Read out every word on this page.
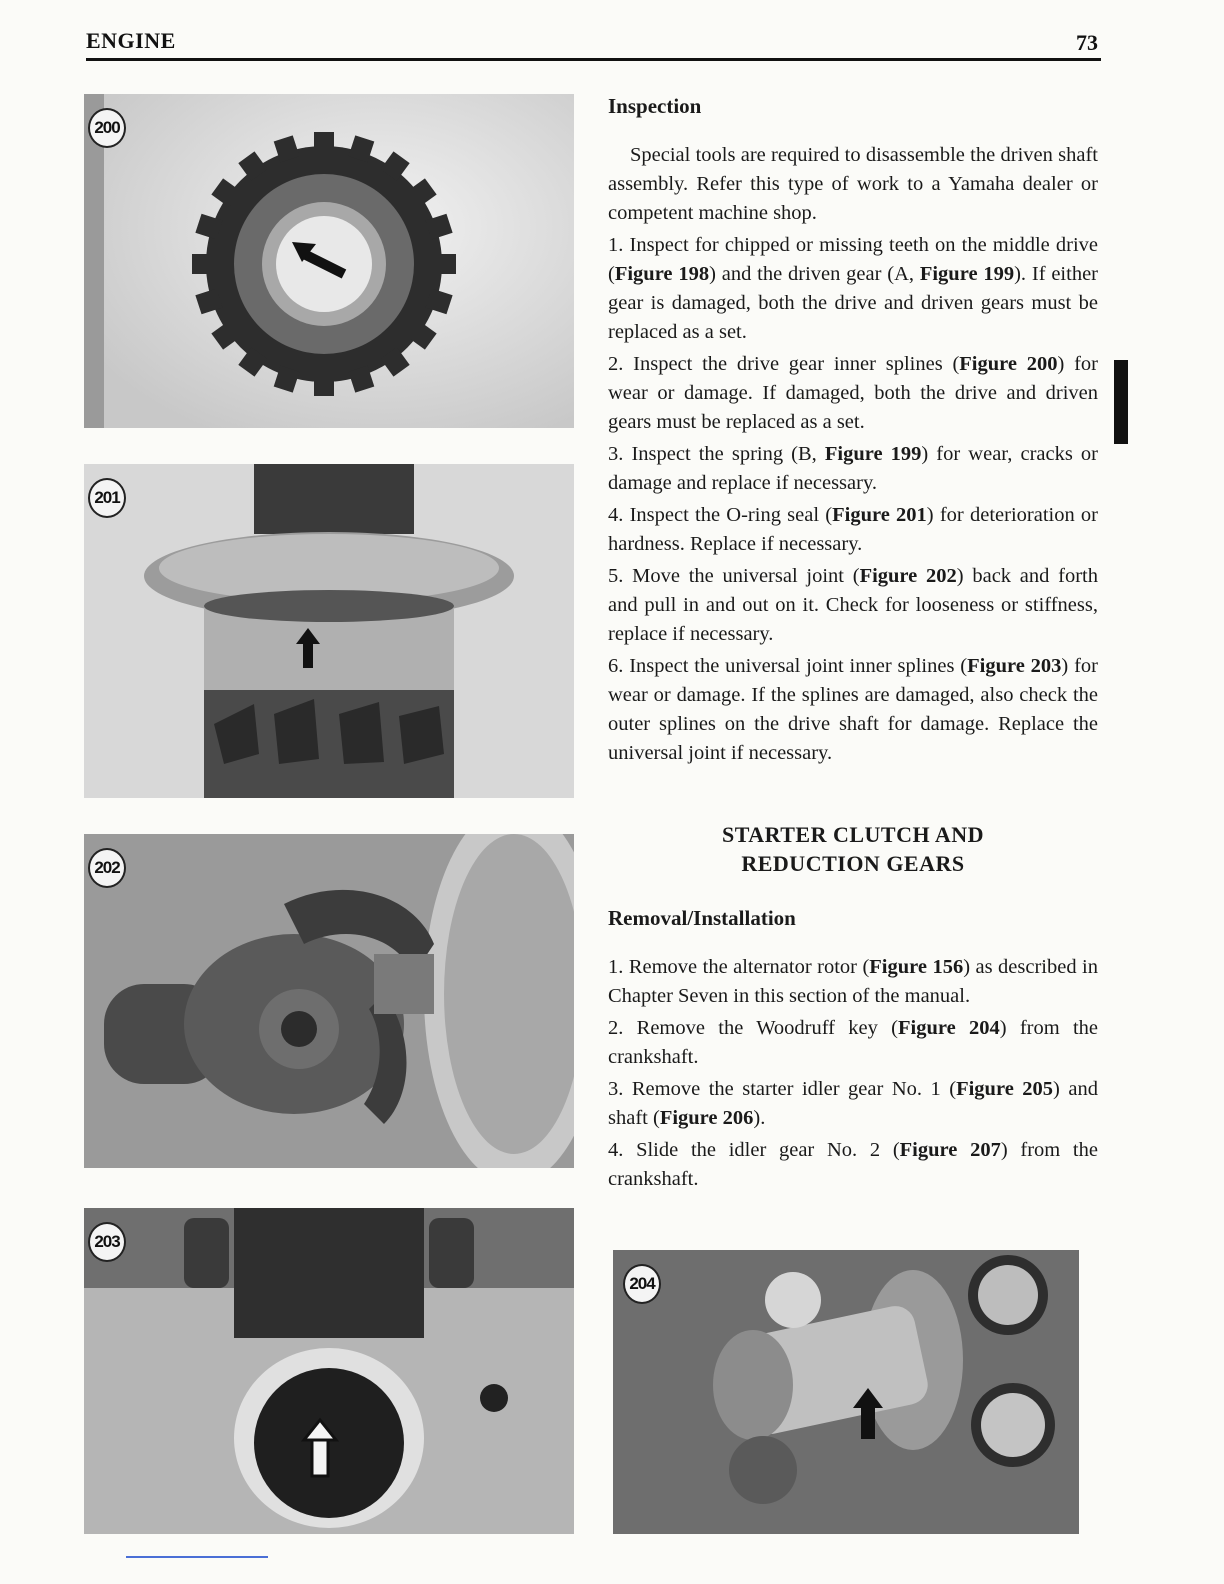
ENGINE	73
200
201
202
203
Inspection

Special tools are required to disassemble the driven shaft assembly. Refer this type of work to a Yamaha dealer or competent machine shop.

1. Inspect for chipped or missing teeth on the middle drive (Figure 198) and the driven gear (A, Figure 199). If either gear is damaged, both the drive and driven gears must be replaced as a set.

2. Inspect the drive gear inner splines (Figure 200) for wear or damage. If damaged, both the drive and driven gears must be replaced as a set.

3. Inspect the spring (B, Figure 199) for wear, cracks or damage and replace if necessary.

4. Inspect the O-ring seal (Figure 201) for deterioration or hardness. Replace if necessary.

5. Move the universal joint (Figure 202) back and forth and pull in and out on it. Check for looseness or stiffness, replace if necessary.

6. Inspect the universal joint inner splines (Figure 203) for wear or damage. If the splines are damaged, also check the outer splines on the drive shaft for damage. Replace the universal joint if necessary.

STARTER CLUTCH AND
REDUCTION GEARS
Removal/Installation

1. Remove the alternator rotor (Figure 156) as described in Chapter Seven in this section of the manual.

2. Remove the Woodruff key (Figure 204) from the crankshaft.

3. Remove the starter idler gear No. 1 (Figure 205) and shaft (Figure 206).

4. Slide the idler gear No. 2 (Figure 207) from the crankshaft.

204
